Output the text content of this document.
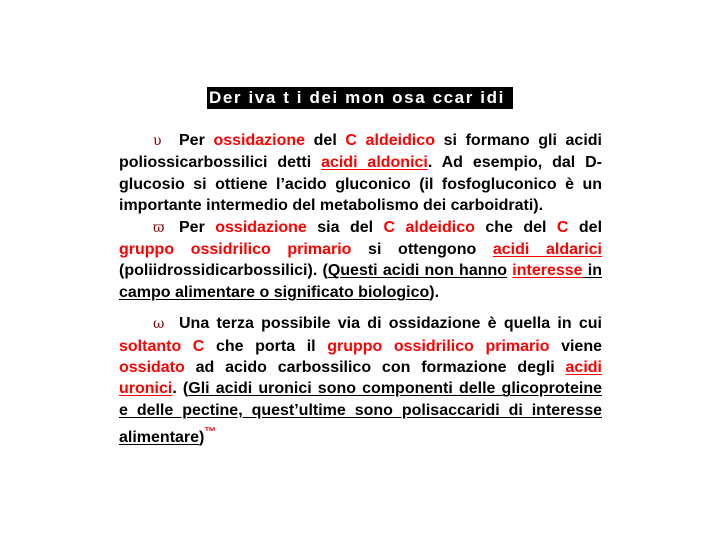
Der iva t i dei mon osa ccar idi

υ Per ossidazione del C aldeidico si formano gli acidi poliossicarbossilici detti acidi aldonici. Ad esempio, dal D-glucosio si ottiene l’acido gluconico (il fosfogluconico è un importante intermedio del metabolismo dei carboidrati).

ϖ Per ossidazione sia del C aldeidico che del C del gruppo ossidrilico primario si ottengono acidi aldarici (poliidrossidicarbossilici). (Questi acidi non hanno interesse in campo alimentare o significato biologico).

ω Una terza possibile via di ossidazione è quella in cui soltanto C che porta il gruppo ossidrilico primario viene ossidato ad acido carbossilico con formazione degli acidi uronici. (Gli acidi uronici sono componenti delle glicoproteine e delle pectine, quest’ultime sono polisaccaridi di interesse alimentare)™
